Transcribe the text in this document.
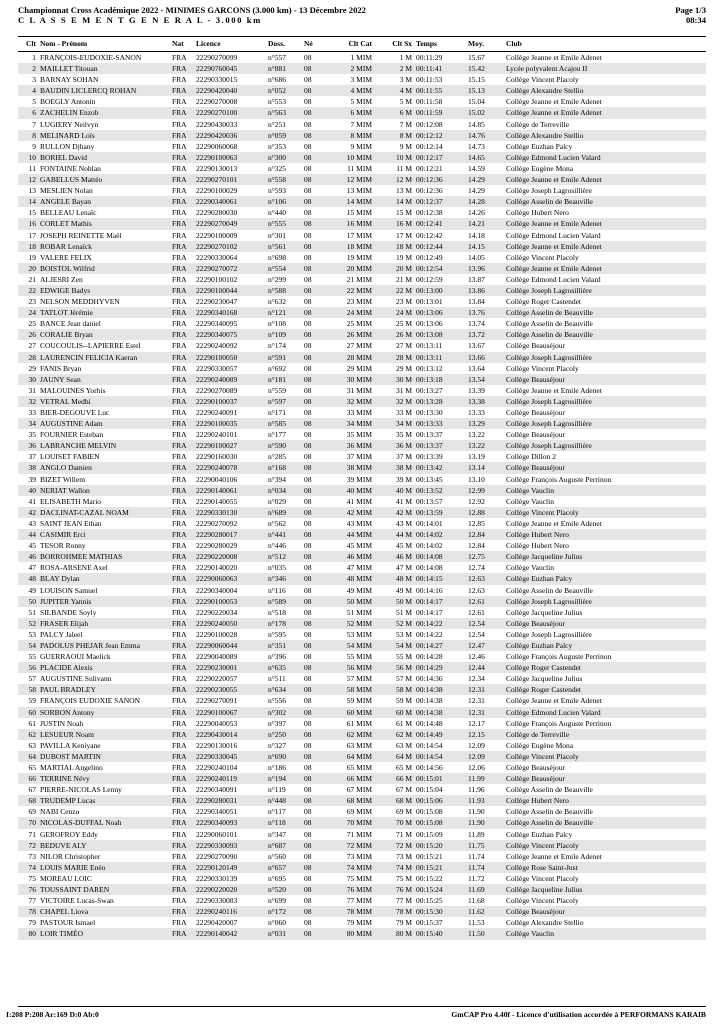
Championnat Cross Académique 2022 - MINIMES GARCONS (3.000 km) - 13 Décembre 2022
C L A S S E M E N T G E N E R A L - 3.000 km
Page 1/3
08:34
Clt	Nom - Prénom	Nat	Licence	Doss.	Né	Clt Cat	Clt Sx	Temps	Moy.	Club
1	FRANÇOIS-EUDOXIE-SANON	FRA	22290270099	n°557	08	1 MIM	1 M	00:11:29	15.67	Collège Jeanne et Emile Adenet
2	MAILLET Titouan	FRA	22290760045	n°881	08	2 MIM	2 M	00:11:41	15.42	Lycée polyvalent Acajou II
3	BARNAY SOHAN	FRA	22290330015	n°686	08	3 MIM	3 M	00:11:53	15.15	Collège Vincent Placoly
4	BAUDIN LICLERCQ ROHAN	FRA	22290420040	n°052	08	4 MIM	4 M	00:11:55	15.13	Collège Alexandre Stellio
5	BOEGLY Antonin	FRA	22290270008	n°553	08	5 MIM	5 M	00:11:58	15.04	Collège Jeanne et Emile Adenet
6	ZACHELIN Enzob	FRA	22290270100	n°563	08	6 MIM	6 M	00:11:59	15.02	Collège Jeanne et Emile Adenet
7	LUGIERY Neilvyn	FRA	22290430033	n°251	08	7 MIM	7 M	00:12:08	14.85	Collège de Terreville
8	MELINARD Loïs	FRA	22290420036	n°059	08	8 MIM	8 M	00:12:12	14.76	Collège Alexandre Stellio
9	RULLON Djhany	FRA	22290060068	n°353	08	9 MIM	9 M	00:12:14	14.73	Collège Euzhan Palcy
10	BORIEL David	FRA	22290100063	n°300	08	10 MIM	10 M	00:12:17	14.65	Collège Edmond Lucien Valard
11	FONTAINE Nohlan	FRA	22290130013	n°325	08	11 MIM	11 M	00:12:21	14.59	Collège Eugène Mona
12	GABELLUS Mattéo	FRA	22290270101	n°558	08	12 MIM	12 M	00:12:36	14.29	Collège Jeanne et Emile Adenet
13	MESLIEN Nolan	FRA	22290100029	n°593	08	13 MIM	13 M	00:12:36	14.29	Collège Joseph Lagrosillière
14	ANGELE Bayan	FRA	22290340061	n°106	08	14 MIM	14 M	00:12:37	14.28	Collège Asselin de Beauville
15	BELLEAU Lenaïc	FRA	22290280030	n°440	08	15 MIM	15 M	00:12:38	14.26	Collège Hubert Nero
16	CORLET Mathis	FRA	22290270049	n°555	08	16 MIM	16 M	00:12:41	14.21	Collège Jeanne et Emile Adenet
17	JOSEPH REINETTE Maël	FRA	22290100009	n°301	08	17 MIM	17 M	00:12:42	14.18	Collège Edmond Lucien Valard
18	ROBAR Lenaïck	FRA	22290270102	n°561	08	18 MIM	18 M	00:12:44	14.15	Collège Jeanne et Emile Adenet
19	VALERE FELIX	FRA	22290330064	n°698	08	19 MIM	19 M	00:12:49	14.05	Collège Vincent Placoly
20	BOISTOL Wilfrid	FRA	22290270072	n°554	08	20 MIM	20 M	00:12:54	13.96	Collège Jeanne et Emile Adenet
21	ALJESRI Zen	FRA	22290100102	n°299	08	21 MIM	21 M	00:12:59	13.87	Collège Edmond Lucien Valard
22	EDWIGE Badys	FRA	22290100044	n°588	08	22 MIM	22 M	00:13:00	13.86	Collège Joseph Lagrosillière
23	NELSON MEDDHYVEN	FRA	22290230047	n°632	08	23 MIM	23 M	00:13:01	13.84	Collège Roger Castendet
24	TATLOT Jérémie	FRA	22290340168	n°121	08	24 MIM	24 M	00:13:06	13.76	Collège Asselin de Beauville
25	BANCE Jean daniel	FRA	22290340095	n°108	08	25 MIM	25 M	00:13:06	13.74	Collège Asselin de Beauville
26	CORALIE Bryan	FRA	22290340075	n°109	08	26 MIM	26 M	00:13:08	13.72	Collège Asselin de Beauville
27	COUCOULIS--LAPIERRE Estel	FRA	22290240092	n°174	08	27 MIM	27 M	00:13:11	13.67	Collège Beauséjour
28	LAURENCIN FELICIA Kaeran	FRA	22290100050	n°591	08	28 MIM	28 M	00:13:11	13.66	Collège Joseph Lagrosillière
29	FANIS Bryan	FRA	22290330057	n°692	08	29 MIM	29 M	00:13:12	13.64	Collège Vincent Placoly
30	JAUNY Sean	FRA	22290240089	n°181	08	30 MIM	30 M	00:13:18	13.54	Collège Beauséjour
31	MALOUINES Yorhis	FRA	22290270089	n°559	08	31 MIM	31 M	00:13:27	13.39	Collège Jeanne et Emile Adenet
32	VETRAL Medhi	FRA	22290100037	n°597	08	32 MIM	32 M	00:13:28	13.38	Collège Joseph Lagrosillière
33	BIER-DEGOUVE Luc	FRA	22290240091	n°171	08	33 MIM	33 M	00:13:30	13.33	Collège Beauséjour
34	AUGUSTINE Adam	FRA	22290100035	n°585	08	34 MIM	34 M	00:13:33	13.29	Collège Joseph Lagrosillière
35	FOURNIER Esteban	FRA	22290240101	n°177	08	35 MIM	35 M	00:13:37	13.22	Collège Beauséjour
36	LABRANCHE MELVIN	FRA	22290100027	n°590	08	36 MIM	36 M	00:13:37	13.22	Collège Joseph Lagrosillière
37	LOUISET FABIEN	FRA	22290160030	n°285	08	37 MIM	37 M	00:13:39	13.19	Collège Dillon 2
38	ANGLO Damien	FRA	22290240078	n°168	08	38 MIM	38 M	00:13:42	13.14	Collège Beauséjour
39	BIZET Willem	FRA	22290040106	n°394	08	39 MIM	39 M	00:13:45	13.10	Collège François Auguste Perrinon
40	NERIAT Wallon	FRA	22290140061	n°034	08	40 MIM	40 M	00:13:52	12.99	Collège Vauclin
41	ELISABETH Mario	FRA	22290140055	n°029	08	41 MIM	41 M	00:13:57	12.92	Collège Vauclin
42	DACLINAT-CAZAL NOAM	FRA	22290330130	n°689	08	42 MIM	42 M	00:13:59	12.88	Collège Vincent Placoly
43	SAINT JEAN Ethan	FRA	22290270092	n°562	08	43 MIM	43 M	00:14:01	12.85	Collège Jeanne et Emile Adenet
44	CASIMIR Erci	FRA	22290280017	n°441	08	44 MIM	44 M	00:14:02	12.84	Collège Hubert Nero
45	TESOR Ronny	FRA	22290280029	n°446	08	45 MIM	45 M	00:14:02	12.84	Collège Hubert Nero
46	BORROHMEE MATHIAS	FRA	22290220008	n°512	08	46 MIM	46 M	00:14:08	12.75	Collège Jacqueline Julius
47	ROSA-ARSENE Axel	FRA	22290140020	n°035	08	47 MIM	47 M	00:14:08	12.74	Collège Vauclin
48	BLAY Dylan	FRA	22290060063	n°346	08	48 MIM	48 M	00:14:15	12.63	Collège Euzhan Palcy
49	LOUISON Samuel	FRA	22290340004	n°116	08	49 MIM	49 M	00:14:16	12.63	Collège Asselin de Beauville
50	JUPITER Yannis	FRA	22290100053	n°589	08	50 MIM	50 M	00:14:17	12.61	Collège Joseph Lagrosillière
51	SILBANDE Soyly	FRA	22290220034	n°518	08	51 MIM	51 M	00:14:17	12.61	Collège Jacqueline Julius
52	FRASER Elijah	FRA	22290240050	n°178	08	52 MIM	52 M	00:14:22	12.54	Collège Beauséjour
53	PALCY Jaleel	FRA	22290100028	n°595	08	53 MIM	53 M	00:14:22	12.54	Collège Joseph Lagrosillière
54	PADOLUS PHEJAR Jean Emma	FRA	22290060044	n°351	08	54 MIM	54 M	00:14:27	12.47	Collège Euzhan Palcy
55	GUERRAOUI Maelick	FRA	22290040089	n°396	08	55 MIM	55 M	00:14:28	12.46	Collège François Auguste Perrinon
56	PLACIDE Alexis	FRA	22290230001	n°635	08	56 MIM	56 M	00:14:29	12.44	Collège Roger Castendet
57	AUGUSTINE Sulivann	FRA	22290220057	n°511	08	57 MIM	57 M	00:14:36	12.34	Collège Jacqueline Julius
58	PAUL BRADLEY	FRA	22290230055	n°634	08	58 MIM	58 M	00:14:38	12.31	Collège Roger Castendet
59	FRANÇOIS EUDOXIE SANON	FRA	22290270091	n°556	08	59 MIM	59 M	00:14:38	12.31	Collège Jeanne et Emile Adenet
60	SORBON Antony	FRA	22290100067	n°302	08	60 MIM	60 M	00:14:38	12.31	Collège Edmond Lucien Valard
61	JUSTIN Noah	FRA	22290040053	n°397	08	61 MIM	61 M	00:14:48	12.17	Collège François Auguste Perrinon
62	LESUEUR Noam	FRA	22290430014	n°250	08	62 MIM	62 M	00:14:49	12.15	Collège de Terreville
63	PAVILLA Keniyane	FRA	22290130016	n°327	08	63 MIM	63 M	00:14:54	12.09	Collège Eugène Mona
64	DUBOST MARTIN	FRA	22290330045	n°690	08	64 MIM	64 M	00:14:54	12.09	Collège Vincent Placoly
65	MARTIAL Angelino	FRA	22290240104	n°186	08	65 MIM	65 M	00:14:56	12.06	Collège Beauséjour
66	TERRINE Névy	FRA	22290240119	n°194	08	66 MIM	66 M	00:15:01	11.99	Collège Beauséjour
67	PIERRE-NICOLAS Lenny	FRA	22290340091	n°119	08	67 MIM	67 M	00:15:04	11.96	Collège Asselin de Beauville
68	TRUDEMP Lucas	FRA	22290280031	n°448	08	68 MIM	68 M	00:15:06	11.93	Collège Hubert Nero
69	NABI Cenzo	FRA	22290340051	n°117	08	69 MIM	69 M	00:15:08	11.90	Collège Asselin de Beauville
70	NICOLAS-DUFFAL Noah	FRA	22290340093	n°118	08	70 MIM	70 M	00:15:08	11.90	Collège Asselin de Beauville
71	GEROFROY Eddy	FRA	22290060101	n°347	08	71 MIM	71 M	00:15:09	11.89	Collège Euzhan Palcy
72	BEDUVE ALY	FRA	22290330093	n°687	08	72 MIM	72 M	00:15:20	11.75	Collège Vincent Placoly
73	NILOR Christopher	FRA	22290270090	n°560	08	73 MIM	73 M	00:15:21	11.74	Collège Jeanne et Emile Adenet
74	LOUIS MARIE Enéo	FRA	22290120149	n°657	08	74 MIM	74 M	00:15:21	11.74	Collège Rose Saint-Just
75	MOREAU LOIC	FRA	22290330139	n°695	08	75 MIM	75 M	00:15:22	11.72	Collège Vincent Placoly
76	TOUSSAINT DAREN	FRA	22290220020	n°520	08	76 MIM	76 M	00:15:24	11.69	Collège Jacqueline Julius
77	VICTOIRE Lucas-Swan	FRA	22290330083	n°699	08	77 MIM	77 M	00:15:25	11.68	Collège Vincent Placoly
78	CHAPEL Liova	FRA	22290240116	n°172	08	78 MIM	78 M	00:15:30	11.62	Collège Beauséjour
79	PASTOUR Ismael	FRA	22290420007	n°060	08	79 MIM	79 M	00:15:37	11.53	Collège Alexandre Stellio
80	LOIR TIMÉO	FRA	22290140042	n°031	08	80 MIM	80 M	00:15:40	11.50	Collège Vauclin
I:208 P:208 Ar:169 D:0 Ab:0	GmCAP Pro 4.40f - Licence d'utilisation accordée à PERFORMANS KARAIB
